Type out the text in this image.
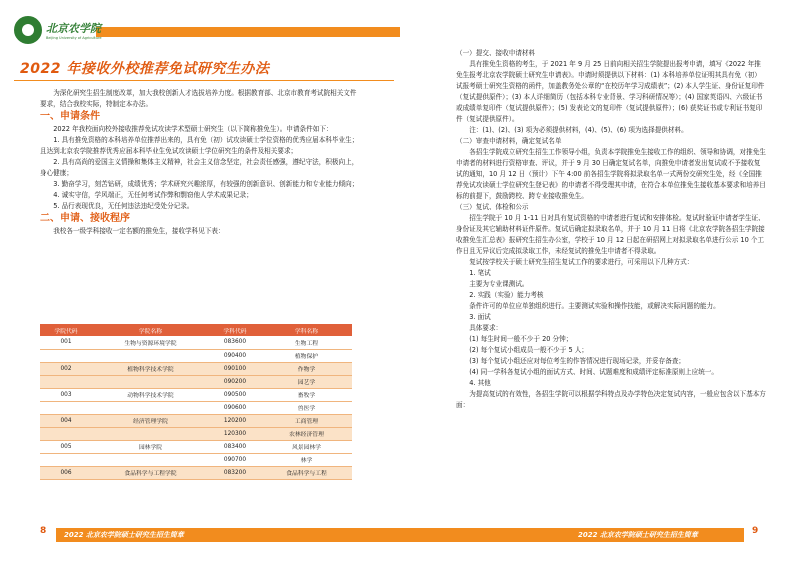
北京农学院
Beijing University of Agriculture
2022 年接收外校推荐免试研究生办法

为深化研究生招生制度改革，加大我校创新人才选拔培养力度。根据教育部、北京市教育考试院相关文件要求，结合我校实际，特制定本办法。

一、申请条件

2022 年我校面向校外接收推荐免试攻读学术型硕士研究生（以下简称推免生）。申请条件如下：

1. 具有推免资格的本科培养单位推荐出来的，具有免（初）试攻读硕士学位资格的优秀应届本科毕业生；且达到北京农学院推荐优秀应届本科毕业生免试攻读硕士学位研究生的条件及相关要求；

2. 具有高尚的爱国主义情操和集体主义精神，社会主义信念坚定，社会责任感强，遵纪守法，积极向上，身心健康；

3. 勤奋学习，刻苦钻研，成绩优秀；学术研究兴趣浓厚，有较强的创新意识、创新能力和专业能力倾向；

4. 诚实守信，学风端正，无任何考试作弊和剽窃他人学术成果记录；

5. 品行表现优良，无任何违法违纪受处分记录。

二、申请、接收程序

我校各一级学科接收一定名额的推免生，接收学科见下表：

学院代码	学院名称	学科代码	学科名称
001	生物与资源环境学院	083600	生物工程
		090400	植物保护
002	植物科学技术学院	090100	作物学
		090200	园艺学
003	动物科学技术学院	090500	畜牧学
		090600	兽医学
004	经济管理学院	120200	工商管理
		120300	农林经济管理
005	园林学院	083400	风景园林学
		090700	林学
006	食品科学与工程学院	083200	食品科学与工程

（一）提交、接收申请材料

具有推免生资格的考生，于 2021 年 9 月 25 日前向相关招生学院提出报考申请，填写《2022 年推免生报考北京农学院硕士研究生申请表》。申请时须提供以下材料：(1) 本科培养单位证明其具有免（初）试报考硕士研究生资格的函件，加盖教务处公章的“在校历年学习成绩表”；(2) 本人学生证、身份证复印件（复试提供原件）；(3) 本人详细简历（包括本科专业背景、学习科研情况等）；(4) 国家英语四、六级证书或成绩单复印件（复试提供原件）；(5) 发表论文的复印件（复试提供原件）；(6) 获奖证书或专利证书复印件（复试提供原件）。

注：(1)、(2)、(3) 项为必须提供材料，(4)、(5)、(6) 项为选择提供材料。

（二）审查申请材料，确定复试名单

各招生学院成立研究生招生工作领导小组，负责本学院推免生接收工作的组织、领导和协调，对推免生申请者的材料进行资格审查、评议，并于 9 月 30 日确定复试名单，向推免申请者发出复试或不予接收复试的通知，10 月 12 日（预计）下午 4:00 前各招生学院将拟录取名单一式两份交研究生处，经《全国推荐免试攻读硕士学位研究生登记表》的申请者不得受理其申请，在符合本单位推免生接收基本要求和培养目标的前提下，鼓励跨校、跨专业接收推免生。

（三）复试、体检和公示

招生学院于 10 月 1-11 日对具有复试资格的申请者进行复试和安排体检。复试时验证申请者学生证、身份证及其它辅助材料证件原件。复试后确定拟录取名单，并于 10 月 11 日将《北京农学院各招生学院接收推免生汇总表》报研究生招生办公室，学校于 10 月 12 日起在研招网上对拟录取名单进行公示 10 个工作日且无异议后完成拟录取工作，未经复试的推免生申请者不得录取。

复试按学校关于硕士研究生招生复试工作的要求进行，可采用以下几种方式：

1. 笔试

主要为专业课测试。

2. 实践（实验）能力考核

条件许可的单位应单独组织进行。主要测试实验和操作技能，或解决实际问题的能力。

3. 面试

具体要求：

(1) 每生时间一般不少于 20 分钟；

(2) 每个复试小组成员一般不少于 5 人；

(3) 每个复试小组还应对每位考生的作答情况进行现场记录，并妥存备查；

(4) 同一学科各复试小组的面试方式、时间、试题难度和成绩评定标准原则上应统一。

4. 其他

为提高复试的有效性，各招生学院可以根据学科特点及办学特色决定复试内容，一般应包含以下基本方面：

8	2022 北京农学院硕士研究生招生简章	2022 北京农学院硕士研究生招生简章	9
